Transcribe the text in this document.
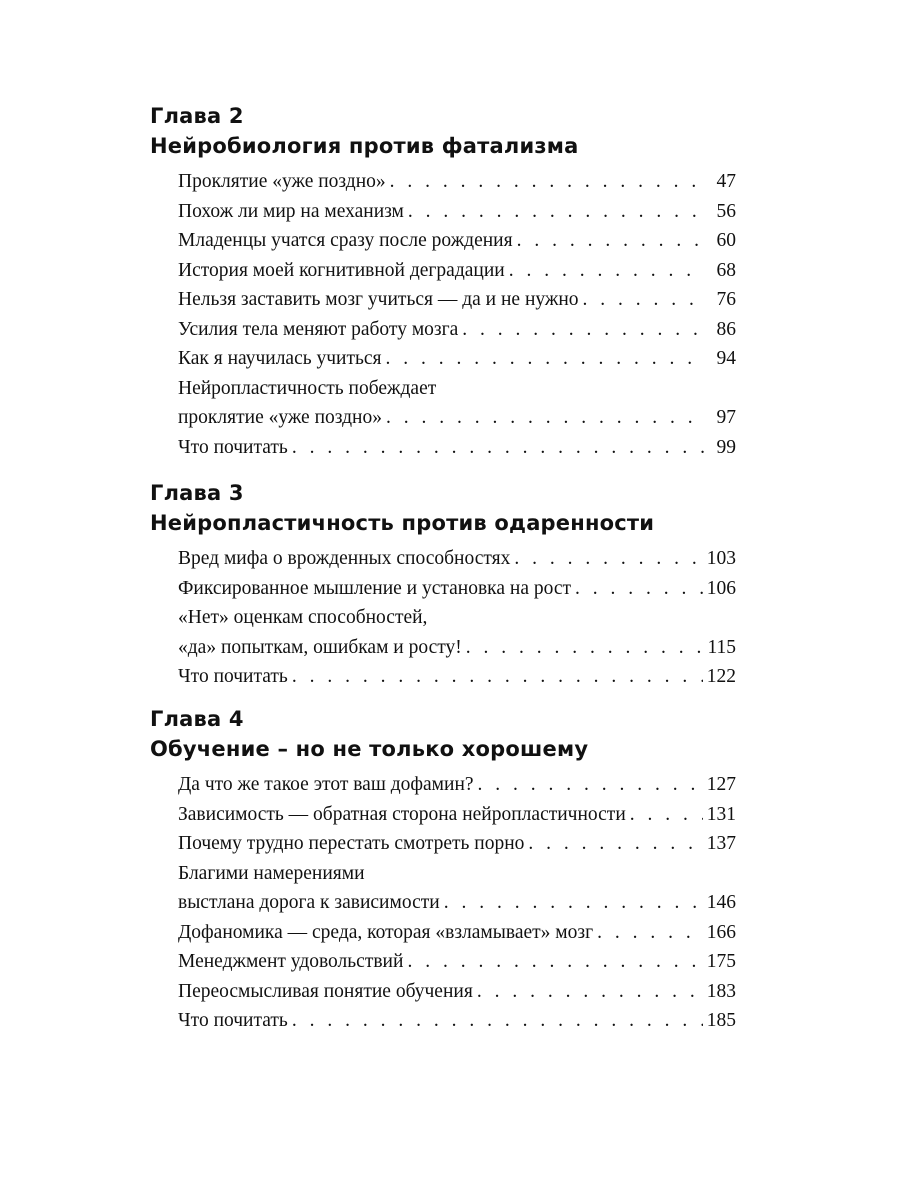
Глава 2
Нейробиология против фатализма
Проклятие «уже поздно» . . .	47
Похож ли мир на механизм . . .	56
Младенцы учатся сразу после рождения . . .	60
История моей когнитивной деградации . . .	68
Нельзя заставить мозг учиться — да и не нужно . . .	76
Усилия тела меняют работу мозга . . .	86
Как я научилась учиться . . .	94
Нейропластичность побеждает
проклятие «уже поздно» . . .	97
Что почитать . . .	99
Глава 3
Нейропластичность против одаренности
Вред мифа о врожденных способностях . . .	103
Фиксированное мышление и установка на рост . . .	106
«Нет» оценкам способностей,
«да» попыткам, ошибкам и росту! . . .	115
Что почитать . . .	122
Глава 4
Обучение – но не только хорошему
Да что же такое этот ваш дофамин? . . .	127
Зависимость — обратная сторона нейропластичности . . .	131
Почему трудно перестать смотреть порно . . .	137
Благими намерениями
выстлана дорога к зависимости . . .	146
Дофаномика — среда, которая «взламывает» мозг . . .	166
Менеджмент удовольствий . . .	175
Переосмысливая понятие обучения . . .	183
Что почитать . . .	185
